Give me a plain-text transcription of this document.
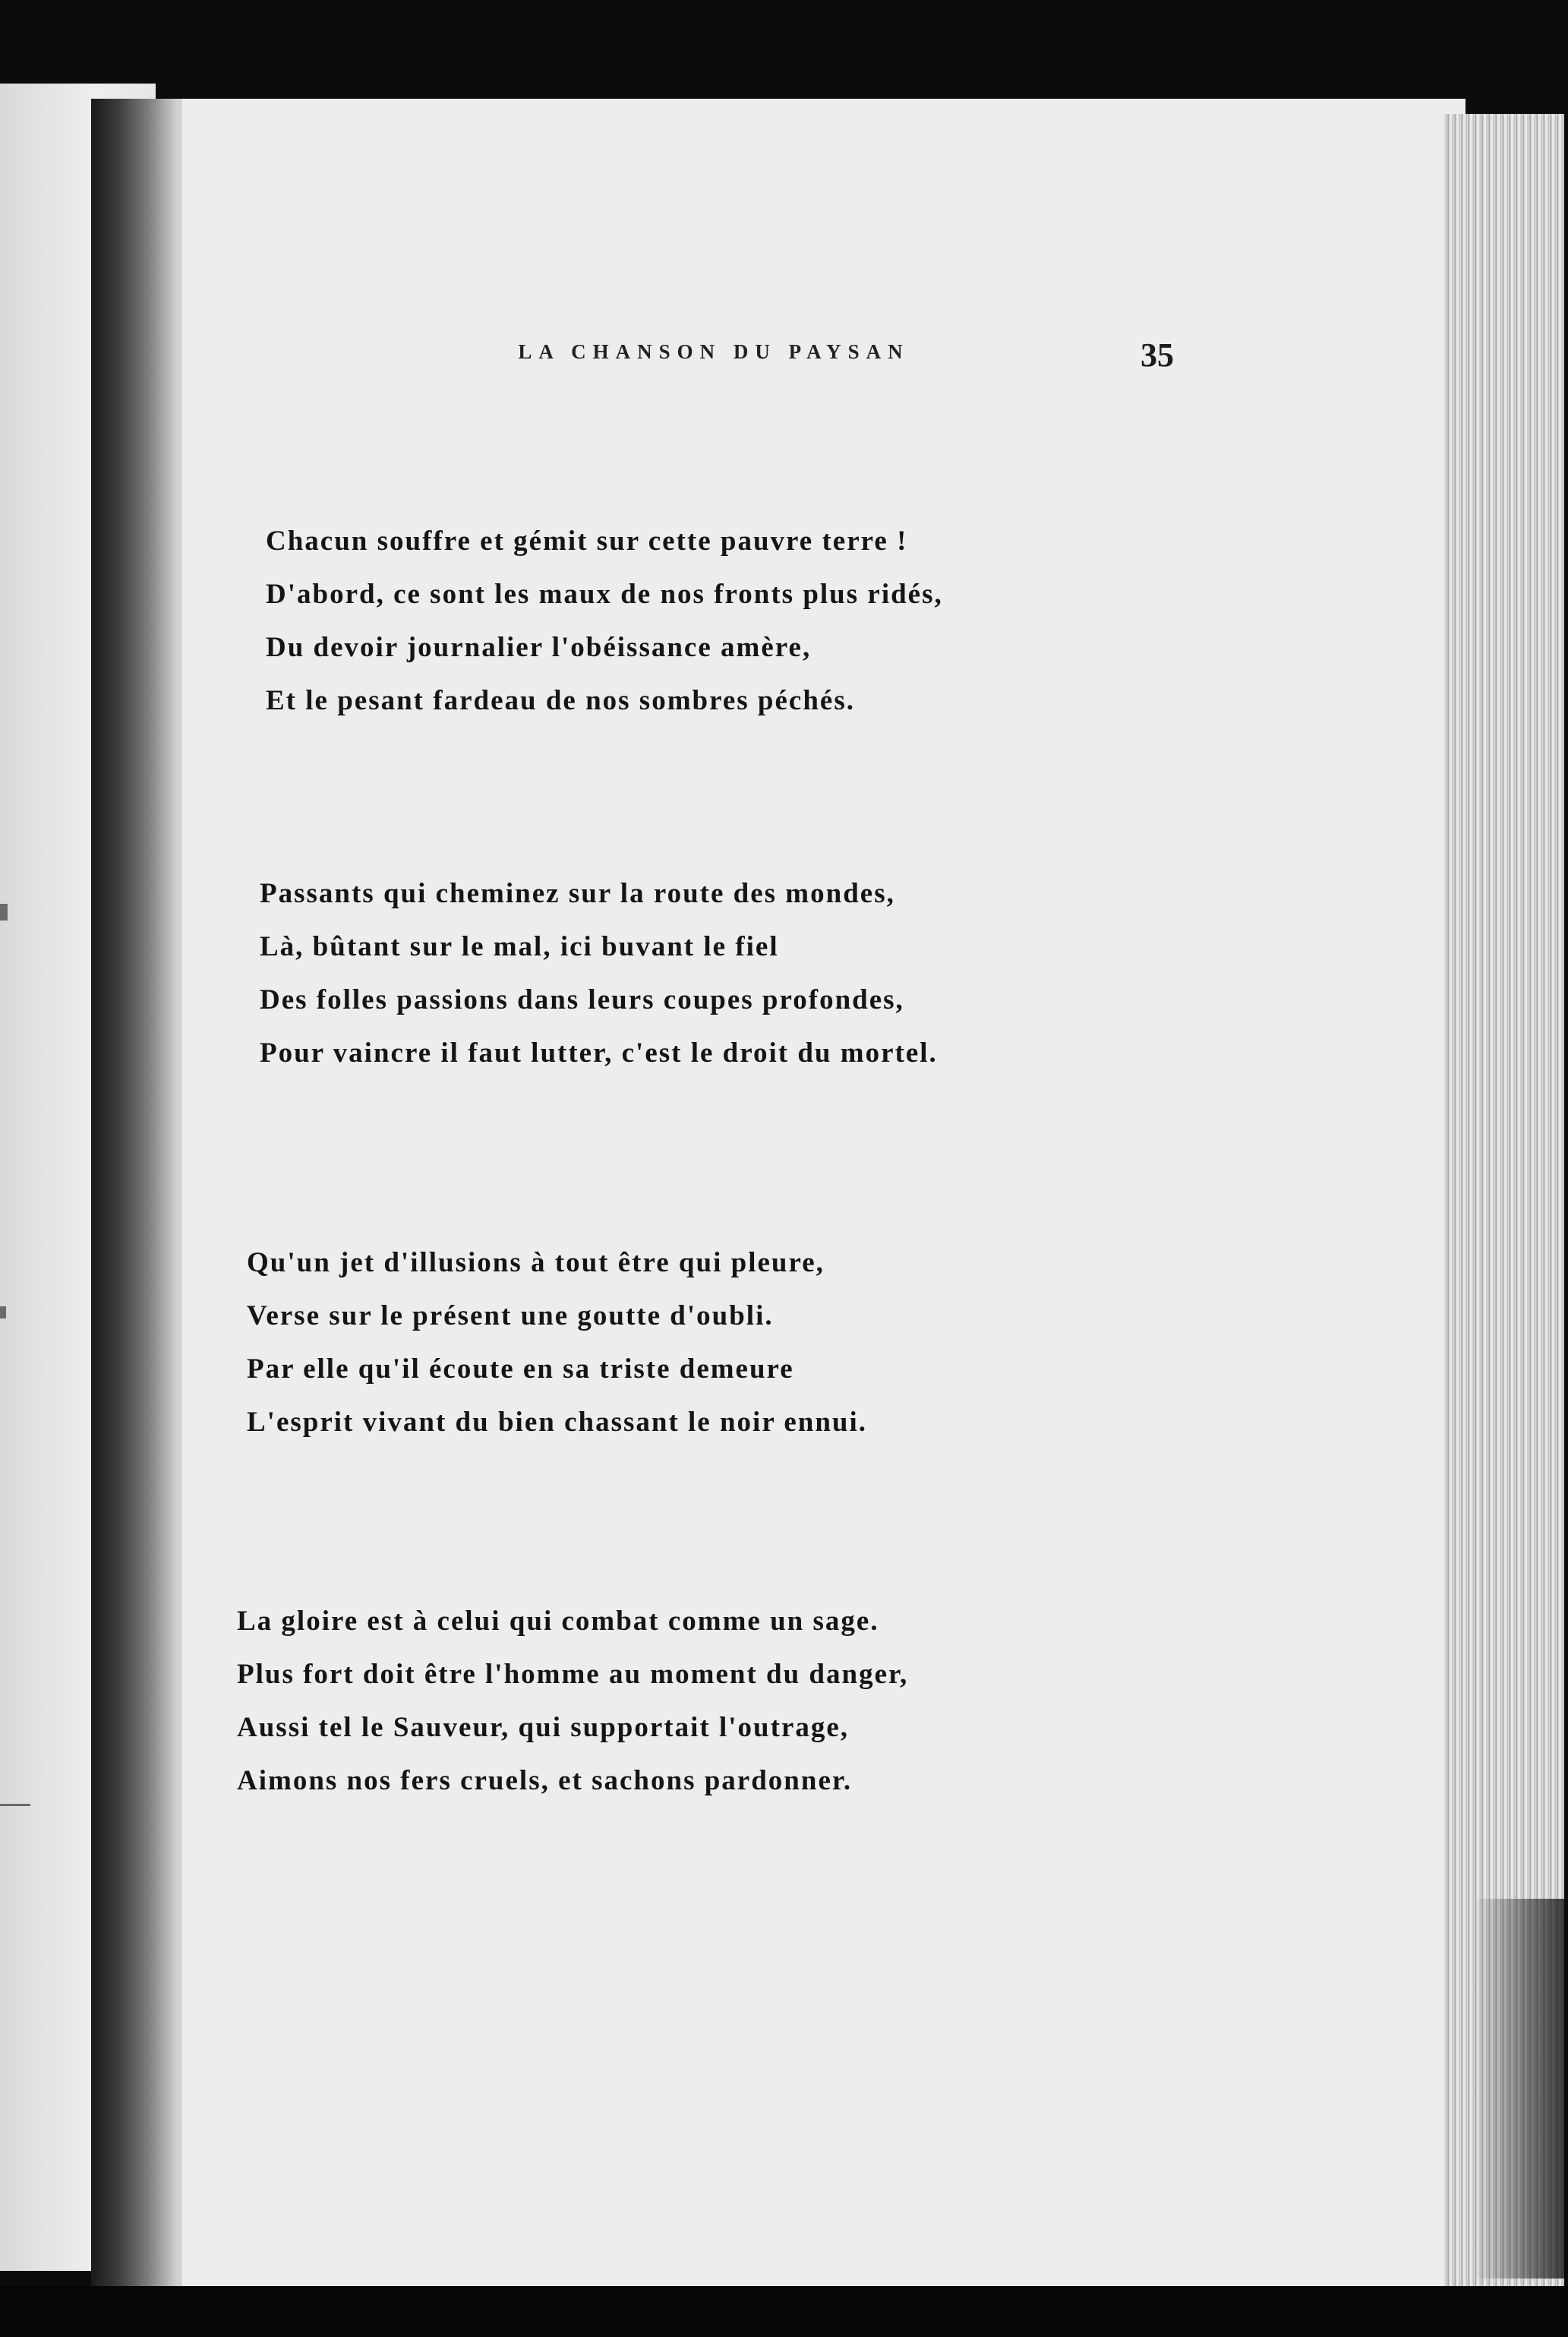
LA CHANSON DU PAYSAN	35
Chacun souffre et gémit sur cette pauvre terre !
D'abord, ce sont les maux de nos fronts plus ridés,
Du devoir journalier l'obéissance amère,
Et le pesant fardeau de nos sombres péchés.
Passants qui cheminez sur la route des mondes,
Là, bûtant sur le mal, ici buvant le fiel
Des folles passions dans leurs coupes profondes,
Pour vaincre il faut lutter, c'est le droit du mortel.
Qu'un jet d'illusions à tout être qui pleure,
Verse sur le présent une goutte d'oubli.
Par elle qu'il écoute en sa triste demeure
L'esprit vivant du bien chassant le noir ennui.
La gloire est à celui qui combat comme un sage.
Plus fort doit être l'homme au moment du danger,
Aussi tel le Sauveur, qui supportait l'outrage,
Aimons nos fers cruels, et sachons pardonner.
